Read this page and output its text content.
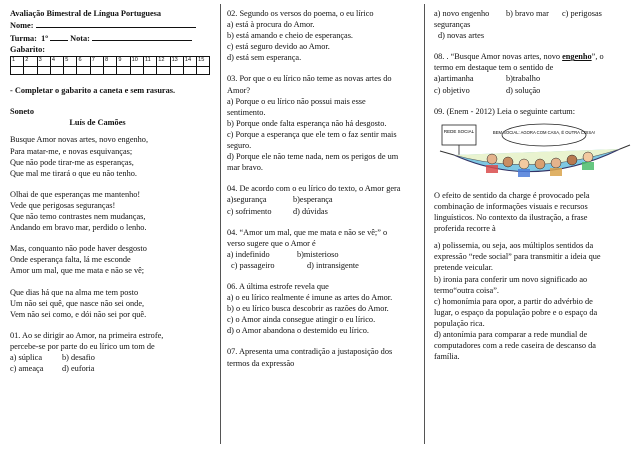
Avaliação Bimestral de Língua Portuguesa

Nome:

Turma: 1º	Nota:

Gabarito:

1	2	3	4	5	6	7	8	9	10	11	12	13	14	15

- Completar o gabarito a caneta e sem rasuras.

Soneto

Luís de Camões

Busque Amor novas artes, novo engenho,

Para matar-me, e novas esquivanças;

Que não pode tirar-me as esperanças,

Que mal me tirará o que eu não tenho.

Olhai de que esperanças me mantenho!

Vede que perigosas seguranças!

Que não temo contrastes nem mudanças,

Andando em bravo mar, perdido o lenho.

Mas, conquanto não pode haver desgosto

Onde esperança falta, lá me esconde

Amor um mal, que me mata e não se vê;

Que dias há que na alma me tem posto

Um não sei quê, que nasce não sei onde,

Vem não sei como, e dói não sei por quê.

01. Ao se dirigir ao Amor, na primeira estrofe,

percebe-se por parte do eu lírico um tom de

a) súplica b) desafio

c) ameaça d) euforia

02. Segundo os versos do poema, o eu lírico

a) está à procura do Amor.

b) está amando e cheio de esperanças.

c) está seguro devido ao Amor.

d) está sem esperança.

03. Por que o eu lírico não teme as novas artes do

Amor?

a) Porque o eu lírico não possui mais esse

sentimento.

b) Porque onde falta esperança não há desgosto.

c) Porque a esperança que ele tem o faz sentir mais

seguro.

d) Porque ele não teme nada, nem os perigos de um

mar bravo.

04. De acordo com o eu lírico do texto, o Amor gera

a)segurança	b)esperança

c) sofrimento	d) dúvidas

04. “Amor um mal, que me mata e não se vê;” o

verso sugere que o Amor é

a) indefinido	b)misterioso

c) passageiro	d) intransigente

06. A última estrofe revela que

a) o eu lírico realmente é imune as artes do Amor.

b) o eu lírico busca descobrir as razões do Amor.

c) o Amor ainda consegue atingir o eu lírico.

d) o Amor abandona o destemido eu lírico.

07. Apresenta uma contradição a justaposição dos

termos da expressão

a) novo engenho b) bravo mar c) perigosas

seguranças

d) novas artes

08. . “Busque Amor novas artes, novo engenho”, o

termo em destaque tem o sentido de

a)artimanha	b)trabalho

c) objetivo	d) solução

09. (Enem - 2012) Leia o seguinte cartum:

REDE SOCIAL	BEM SOCIAL: AGORA COM CASA, É OUTRA COISA!

O efeito de sentido da charge é provocado pela

combinação de informações visuais e recursos

linguísticos. No contexto da ilustração, a frase

proferida recorre à

a) polissemia, ou seja, aos múltiplos sentidos da

expressão “rede social” para transmitir a ideia que

pretende veicular.

b) ironia para conferir um novo significado ao

termo“outra coisa”.

c) homonímia para opor, a partir do advérbio de

lugar, o espaço da população pobre e o espaço da

população rica.

d) antonímia para comparar a rede mundial de

computadores com a rede caseira de descanso da

família.
